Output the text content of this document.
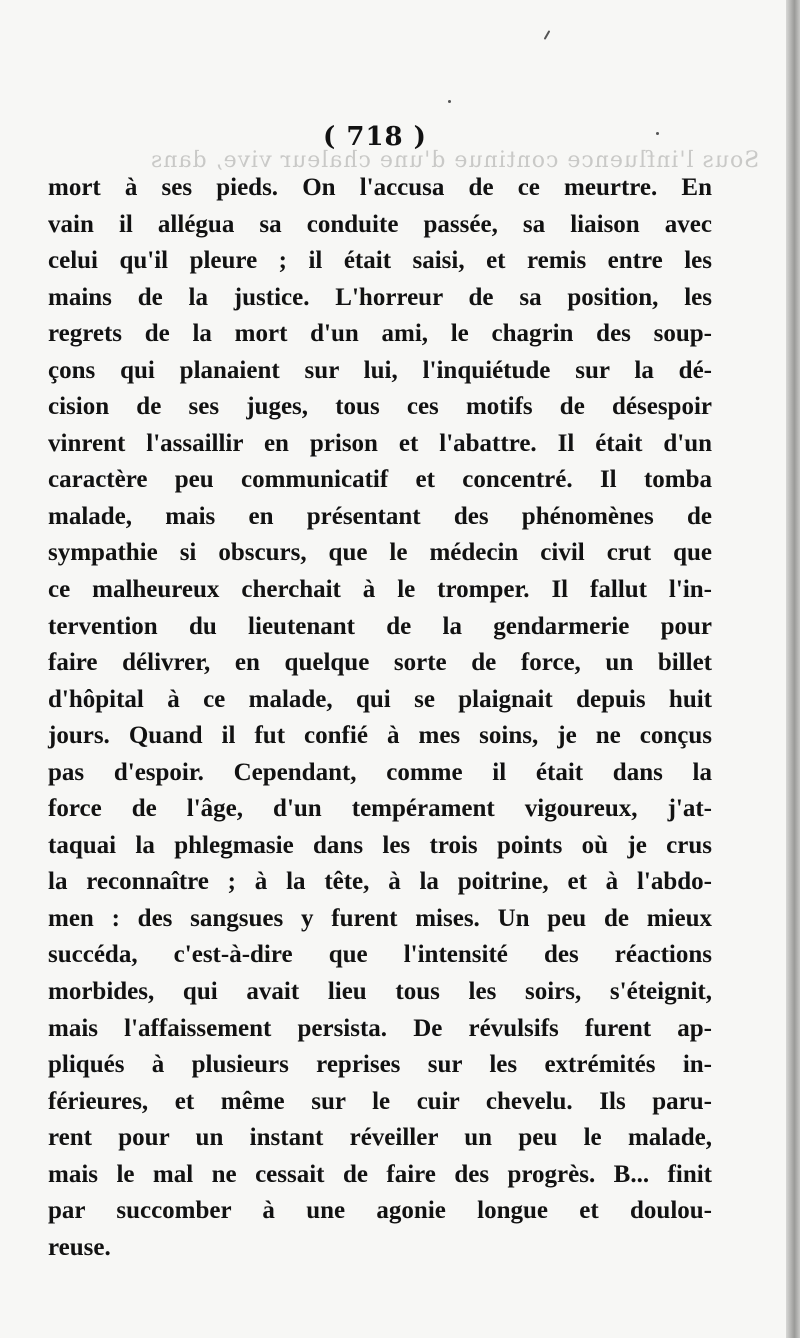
Sous l'influence continue d'une chaleur vive, dans
( 718 )
mort à ses pieds. On l'accusa de ce meurtre. En
vain il allégua sa conduite passée, sa liaison avec
celui qu'il pleure ; il était saisi, et remis entre les
mains de la justice. L'horreur de sa position, les
regrets de la mort d'un ami, le chagrin des soup-
çons qui planaient sur lui, l'inquiétude sur la dé-
cision de ses juges, tous ces motifs de désespoir
vinrent l'assaillir en prison et l'abattre. Il était d'un
caractère peu communicatif et concentré. Il tomba
malade, mais en présentant des phénomènes de
sympathie si obscurs, que le médecin civil crut que
ce malheureux cherchait à le tromper. Il fallut l'in-
tervention du lieutenant de la gendarmerie pour
faire délivrer, en quelque sorte de force, un billet
d'hôpital à ce malade, qui se plaignait depuis huit
jours. Quand il fut confié à mes soins, je ne conçus
pas d'espoir. Cependant, comme il était dans la
force de l'âge, d'un tempérament vigoureux, j'at-
taquai la phlegmasie dans les trois points où je crus
la reconnaître ; à la tête, à la poitrine, et à l'abdo-
men : des sangsues y furent mises. Un peu de mieux
succéda, c'est-à-dire que l'intensité des réactions
morbides, qui avait lieu tous les soirs, s'éteignit,
mais l'affaissement persista. De révulsifs furent ap-
pliqués à plusieurs reprises sur les extrémités in-
férieures, et même sur le cuir chevelu. Ils paru-
rent pour un instant réveiller un peu le malade,
mais le mal ne cessait de faire des progrès. B... finit
par succomber à une agonie longue et doulou-
reuse.
